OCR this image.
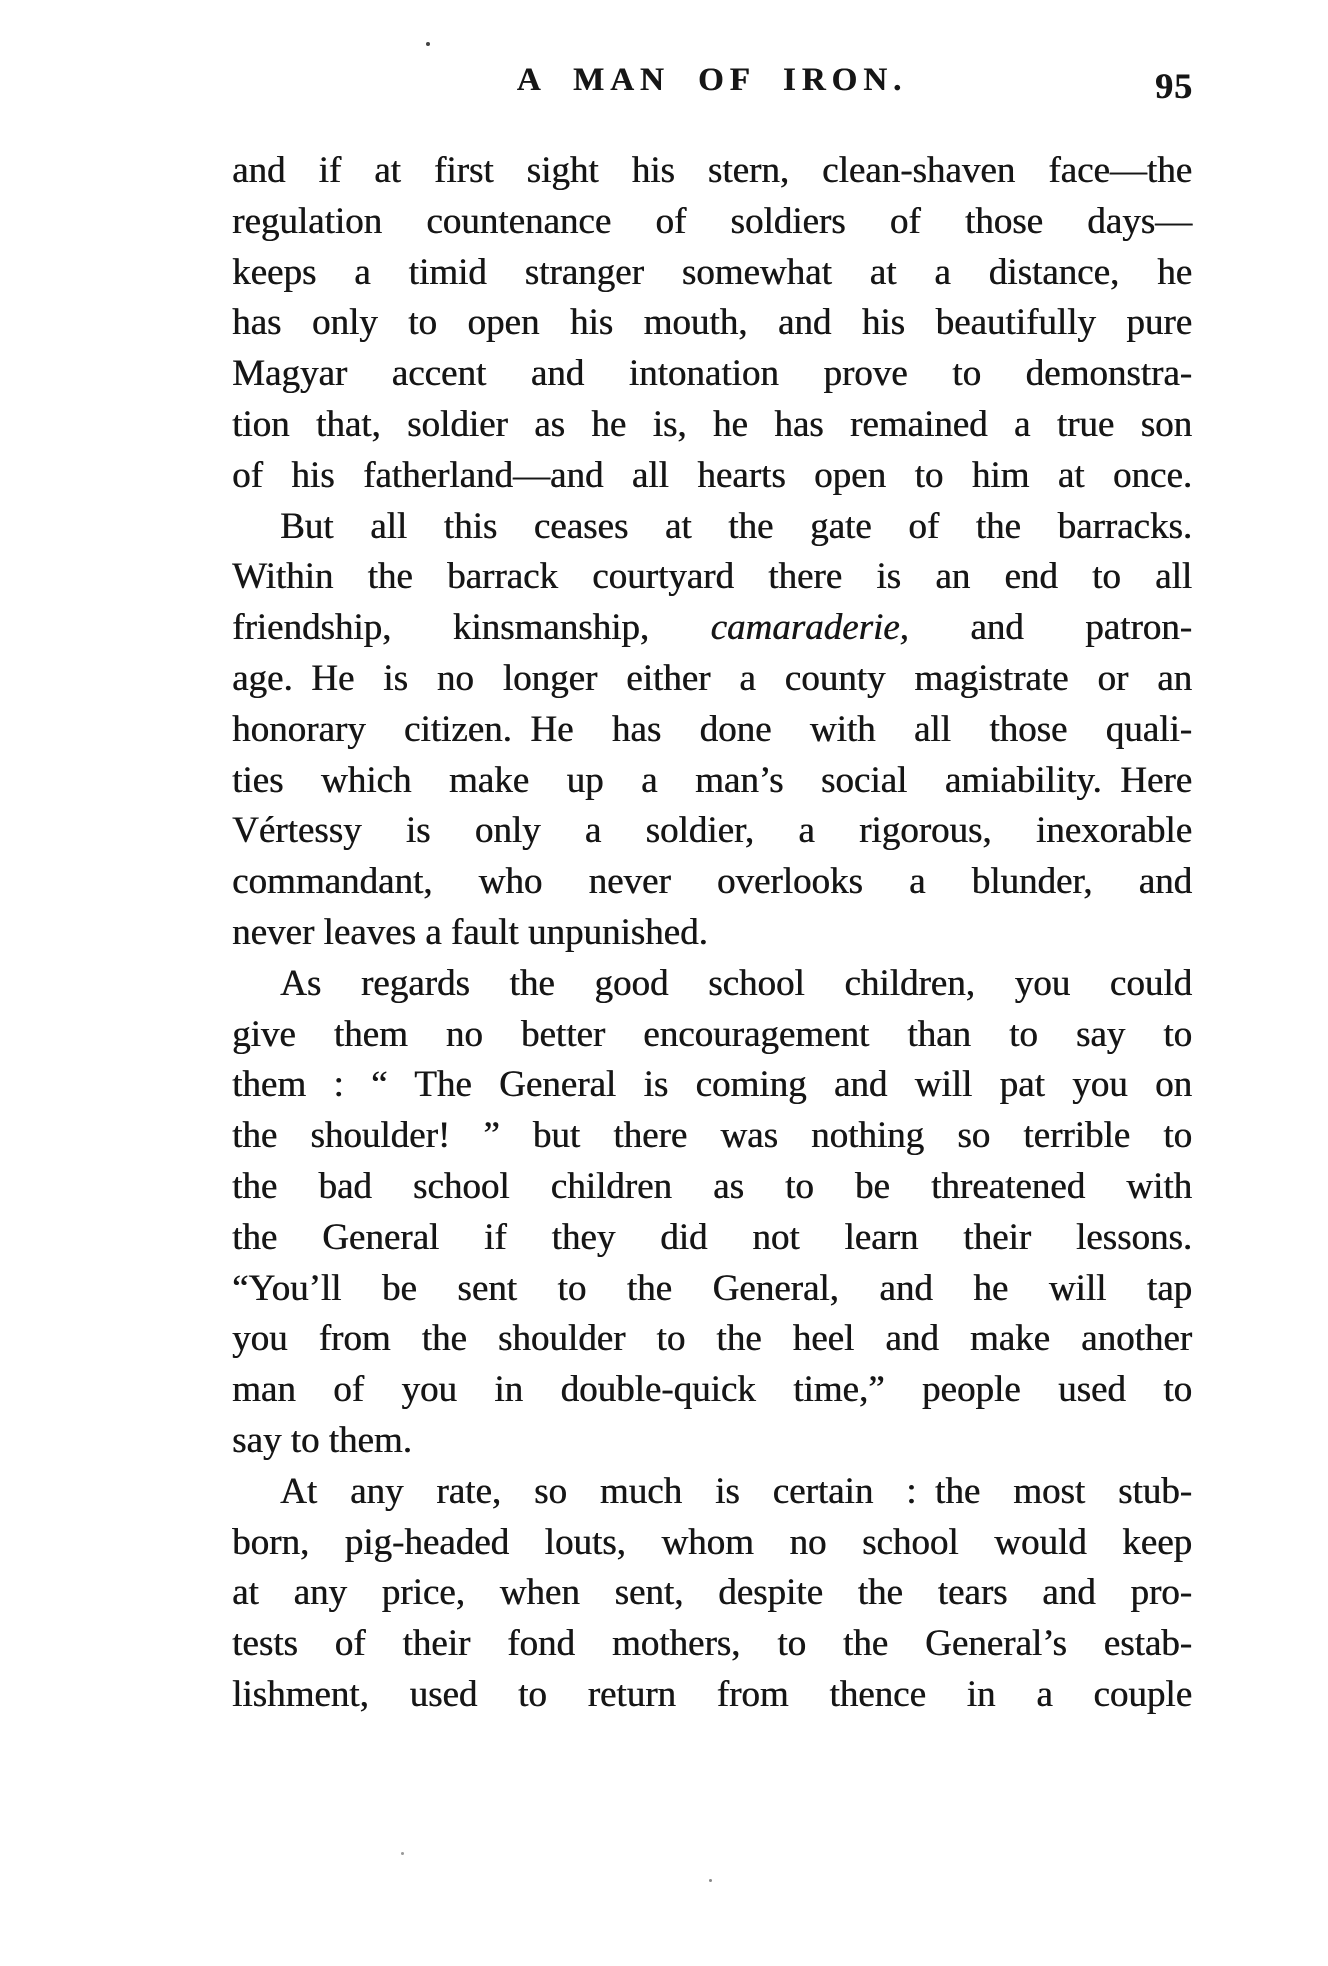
A MAN OF IRON.	95
and if at first sight his stern, clean-shaven face—the
regulation countenance of soldiers of those days—
keeps a timid stranger somewhat at a distance, he
has only to open his mouth, and his beautifully pure
Magyar accent and intonation prove to demonstra-
tion that, soldier as he is, he has remained a true son
of his fatherland—and all hearts open to him at once.
But all this ceases at the gate of the barracks.
Within the barrack courtyard there is an end to all
friendship, kinsmanship, camaraderie, and patron-
age. He is no longer either a county magistrate or an
honorary citizen. He has done with all those quali-
ties which make up a man’s social amiability. Here
Vértessy is only a soldier, a rigorous, inexorable
commandant, who never overlooks a blunder, and
never leaves a fault unpunished.
As regards the good school children, you could
give them no better encouragement than to say to
them : “ The General is coming and will pat you on
the shoulder! ” but there was nothing so terrible to
the bad school children as to be threatened with
the General if they did not learn their lessons.
“You’ll be sent to the General, and he will tap
you from the shoulder to the heel and make another
man of you in double-quick time,” people used to
say to them.
At any rate, so much is certain : the most stub-
born, pig-headed louts, whom no school would keep
at any price, when sent, despite the tears and pro-
tests of their fond mothers, to the General’s estab-
lishment, used to return from thence in a couple
